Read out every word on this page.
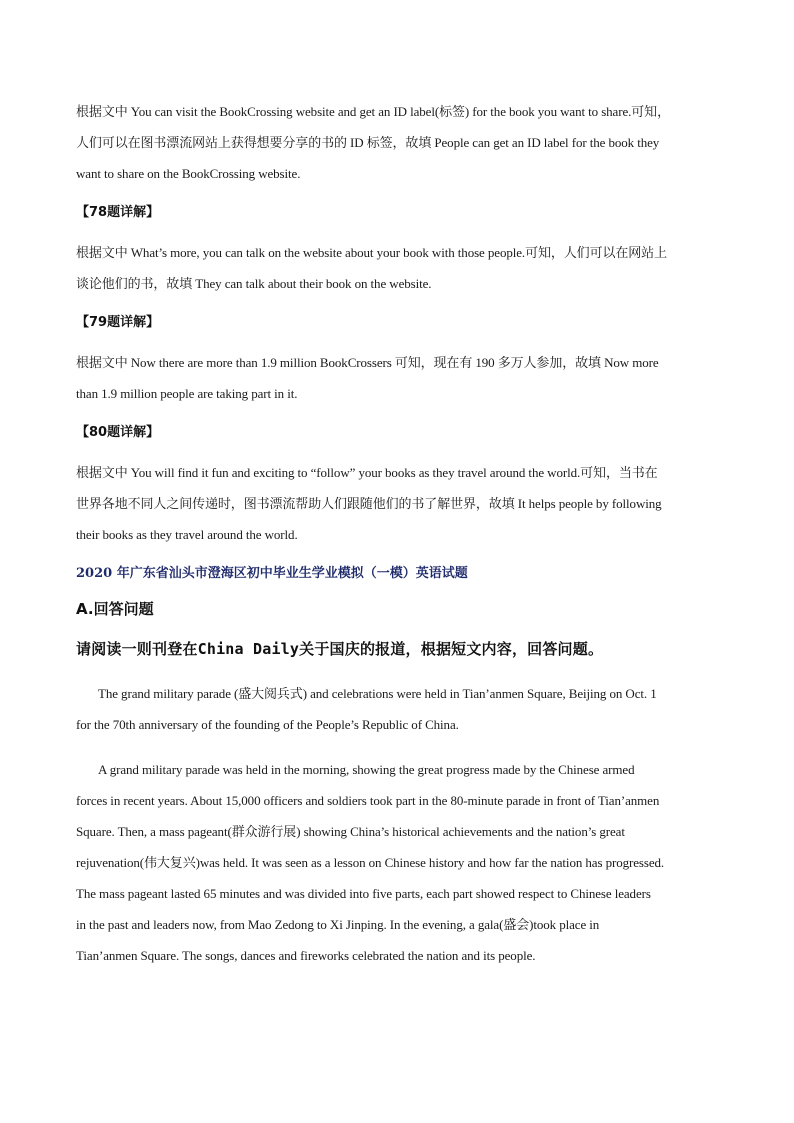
根据文中 You can visit the BookCrossing website and get an ID label(标签) for the book you want to share.可知，

人们可以在图书漂流网站上获得想要分享的书的 ID 标签，故填 People can get an ID label for the book they

want to share on the BookCrossing website.

【78题详解】

根据文中 What’s more, you can talk on the website about your book with those people.可知，人们可以在网站上

谈论他们的书，故填 They can talk about their book on the website.

【79题详解】

根据文中 Now there are more than 1.9 million BookCrossers 可知，现在有 190 多万人参加，故填 Now more

than 1.9 million people are taking part in it.

【80题详解】

根据文中 You will find it fun and exciting to “follow” your books as they travel around the world.可知，当书在

世界各地不同人之间传递时，图书漂流帮助人们跟随他们的书了解世界，故填 It helps people by following

their books as they travel around the world.

2020 年广东省汕头市澄海区初中毕业生学业模拟（一模）英语试题

A.回答问题

请阅读一则刊登在China Daily关于国庆的报道，根据短文内容，回答问题。

The grand military parade (盛大阅兵式) and celebrations were held in Tian’anmen Square, Beijing on Oct. 1

for the 70th anniversary of the founding of the People’s Republic of China.

A grand military parade was held in the morning, showing the great progress made by the Chinese armed

forces in recent years. About 15,000 officers and soldiers took part in the 80-minute parade in front of Tian’anmen

Square. Then, a mass pageant(群众游行展) showing China’s historical achievements and the nation’s great

rejuvenation(伟大复兴)was held. It was seen as a lesson on Chinese history and how far the nation has progressed.

The mass pageant lasted 65 minutes and was divided into five parts, each part showed respect to Chinese leaders

in the past and leaders now, from Mao Zedong to Xi Jinping. In the evening, a gala(盛会)took place in

Tian’anmen Square. The songs, dances and fireworks celebrated the nation and its people.
